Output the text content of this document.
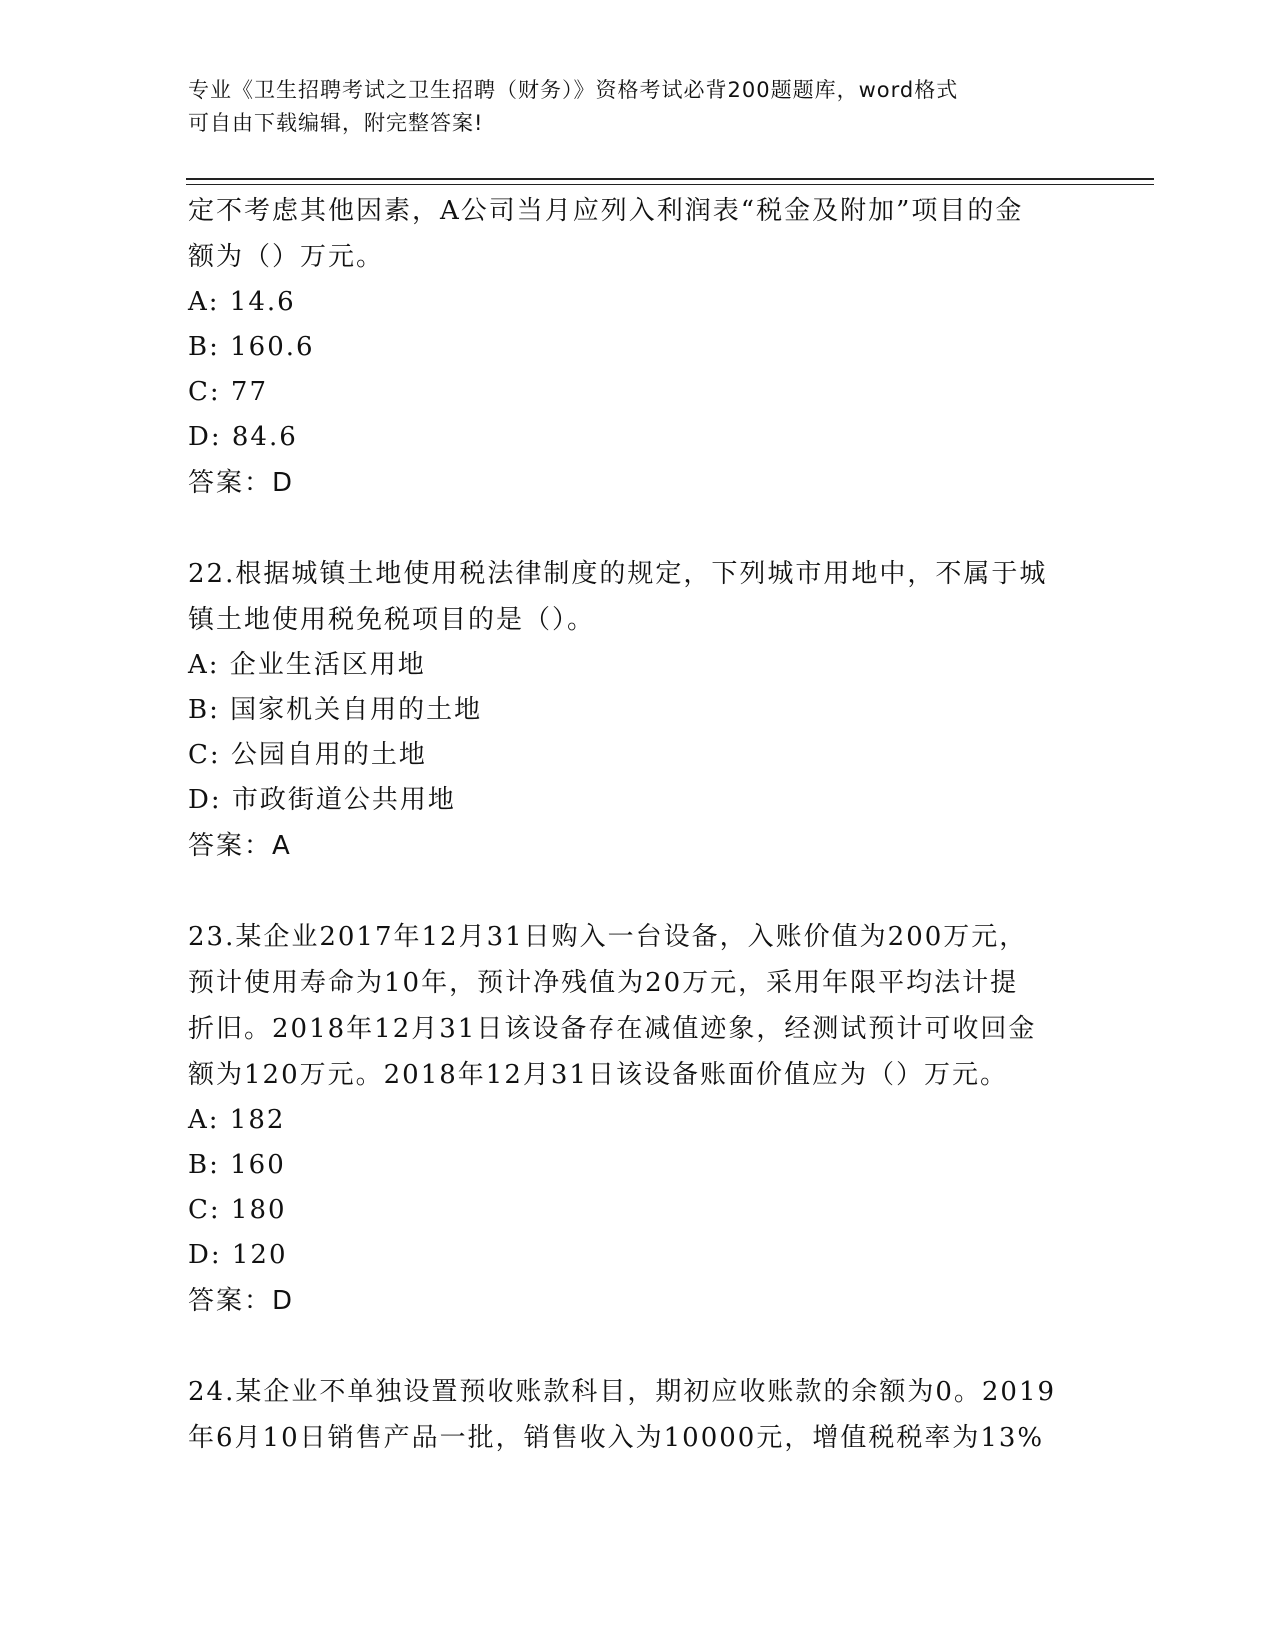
专业《卫生招聘考试之卫生招聘（财务）》资格考试必背200题题库，word格式
可自由下载编辑，附完整答案!
定不考虑其他因素，A公司当月应列入利润表“税金及附加”项目的金
额为（）万元。
A: 14.6
B: 160.6
C: 77
D: 84.6
答案：D
22.根据城镇土地使用税法律制度的规定，下列城市用地中，不属于城
镇土地使用税免税项目的是（）。
A: 企业生活区用地
B: 国家机关自用的土地
C: 公园自用的土地
D: 市政街道公共用地
答案：A
23.某企业2017年12月31日购入一台设备，入账价值为200万元，
预计使用寿命为10年，预计净残值为20万元，采用年限平均法计提
折旧。2018年12月31日该设备存在减值迹象，经测试预计可收回金
额为120万元。2018年12月31日该设备账面价值应为（）万元。
A: 182
B: 160
C: 180
D: 120
答案：D
24.某企业不单独设置预收账款科目，期初应收账款的余额为0。2019
年6月10日销售产品一批，销售收入为10000元，增值税税率为13%
